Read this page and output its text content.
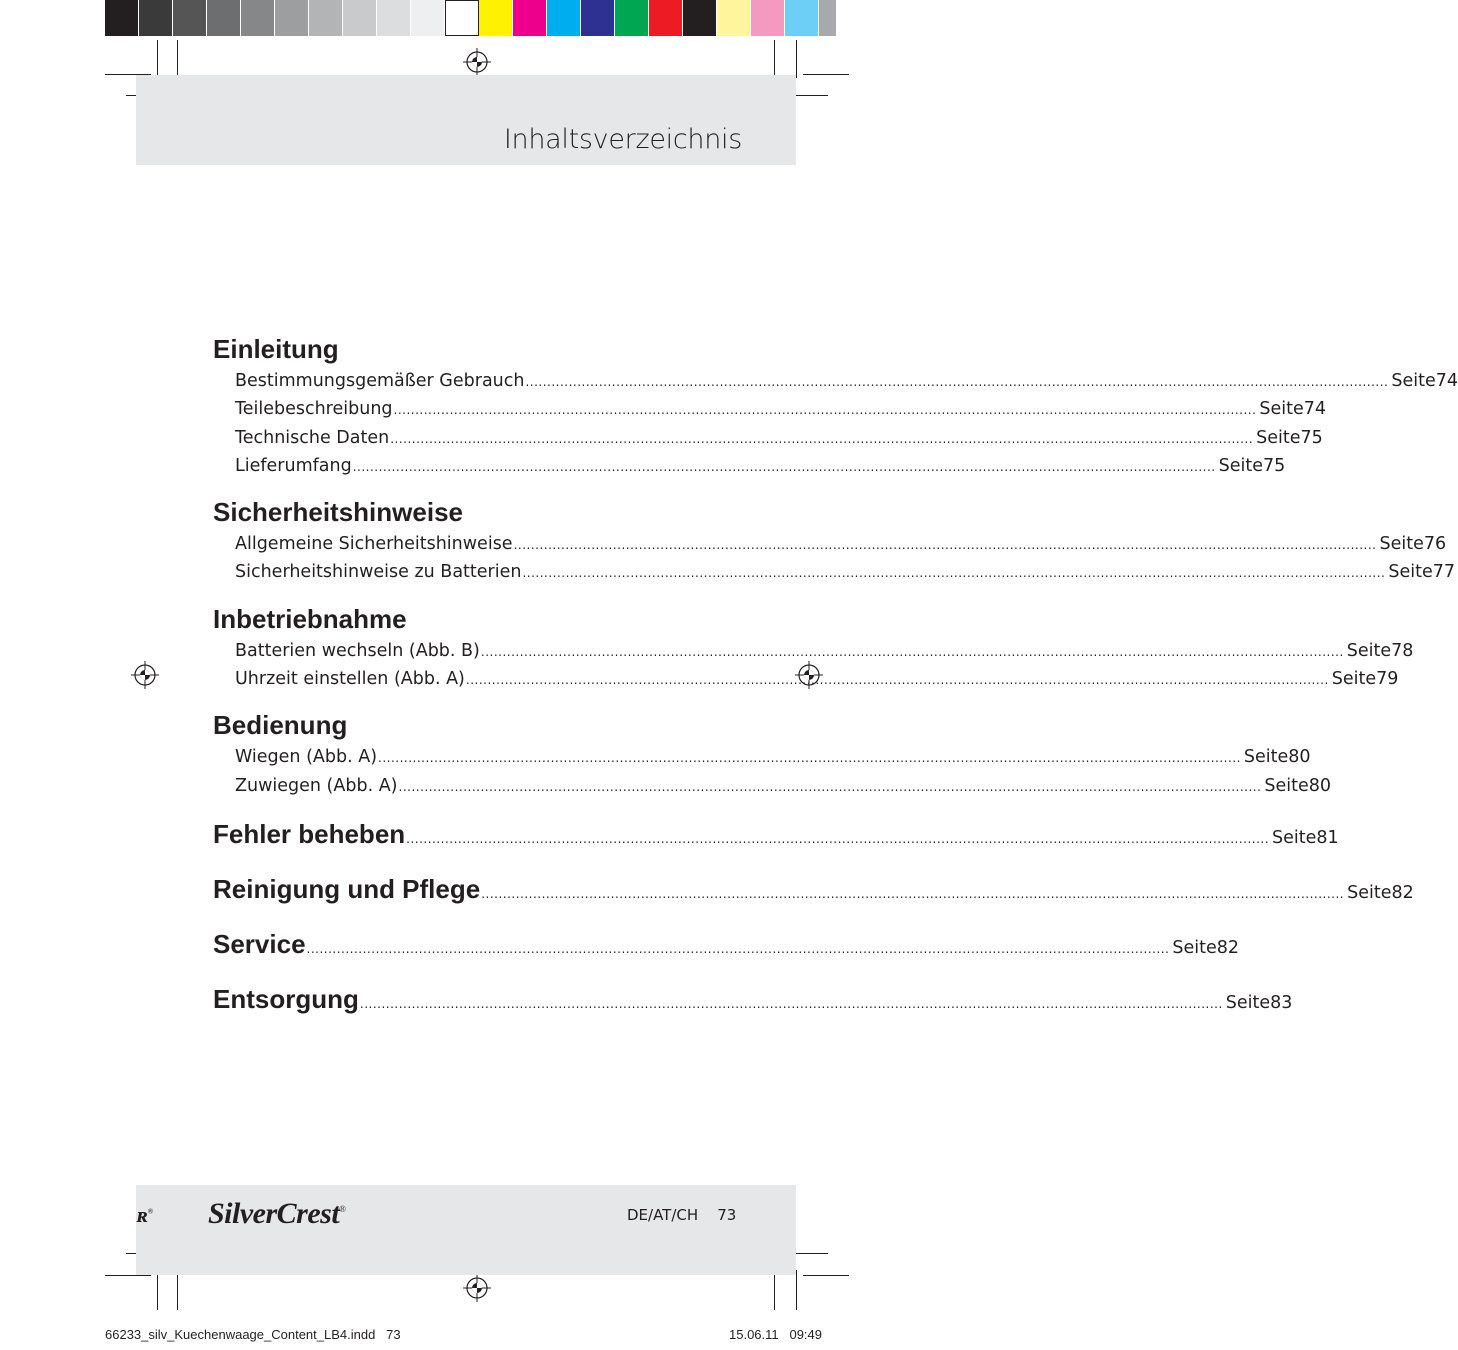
Inhaltsverzeichnis
Einleitung
Bestimmungsgemäßer Gebrauch ........................................................................................................................................................................................................ Seite 74
Teilebeschreibung ........................................................................................................................................................................................................ Seite 74
Technische Daten ........................................................................................................................................................................................................ Seite 75
Lieferumfang ........................................................................................................................................................................................................ Seite 75
Sicherheitshinweise
Allgemeine Sicherheitshinweise ........................................................................................................................................................................................................ Seite 76
Sicherheitshinweise zu Batterien ........................................................................................................................................................................................................ Seite 77
Inbetriebnahme
Batterien wechseln (Abb. B) ........................................................................................................................................................................................................ Seite 78
Uhrzeit einstellen (Abb. A) ........................................................................................................................................................................................................ Seite 79
Bedienung
Wiegen (Abb. A) ........................................................................................................................................................................................................ Seite 80
Zuwiegen (Abb. A) ........................................................................................................................................................................................................ Seite 80
Fehler beheben ........................................................................................................................................................................................................ Seite 81
Reinigung und Pflege ........................................................................................................................................................................................................ Seite 82
Service ........................................................................................................................................................................................................ Seite 82
Entsorgung ........................................................................................................................................................................................................ Seite 83
ʀ® SilverCrest®	DE/AT/CH    73
66233_silv_Kuechenwaage_Content_LB4.indd   73	15.06.11   09:49
